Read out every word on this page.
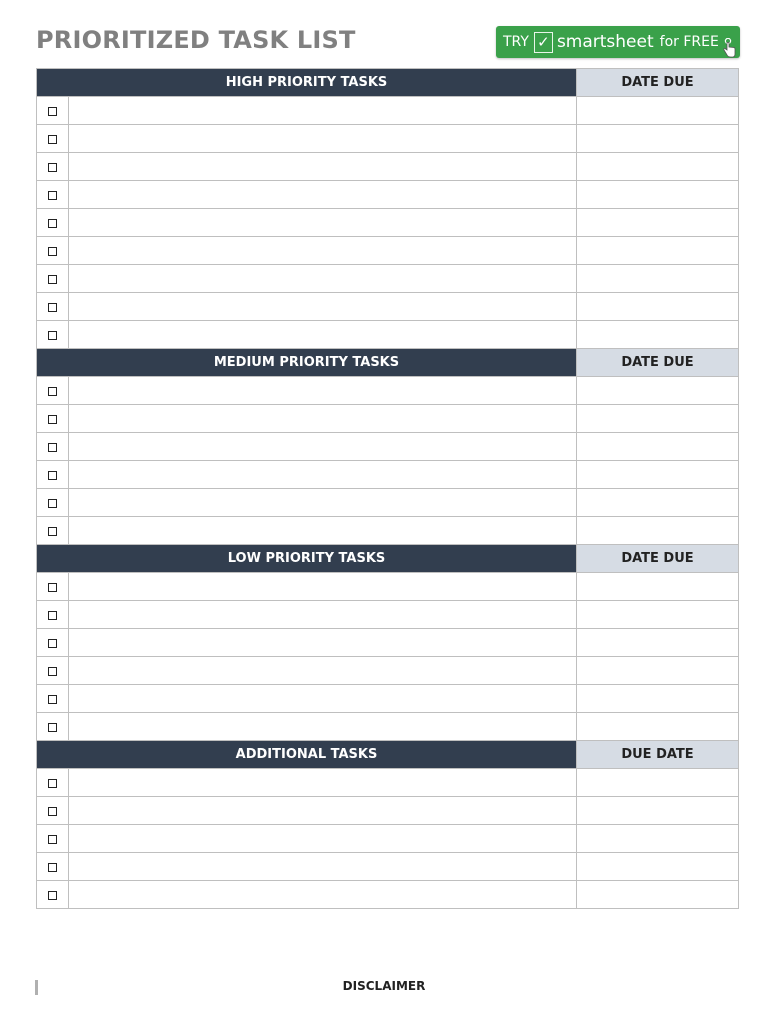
PRIORITIZED TASK LIST	TRY ✓ smartsheet for FREE
HIGH PRIORITY TASKS		DATE DUE

MEDIUM PRIORITY TASKS		DATE DUE

LOW PRIORITY TASKS		DATE DUE

ADDITIONAL TASKS		DUE DATE

DISCLAIMER
